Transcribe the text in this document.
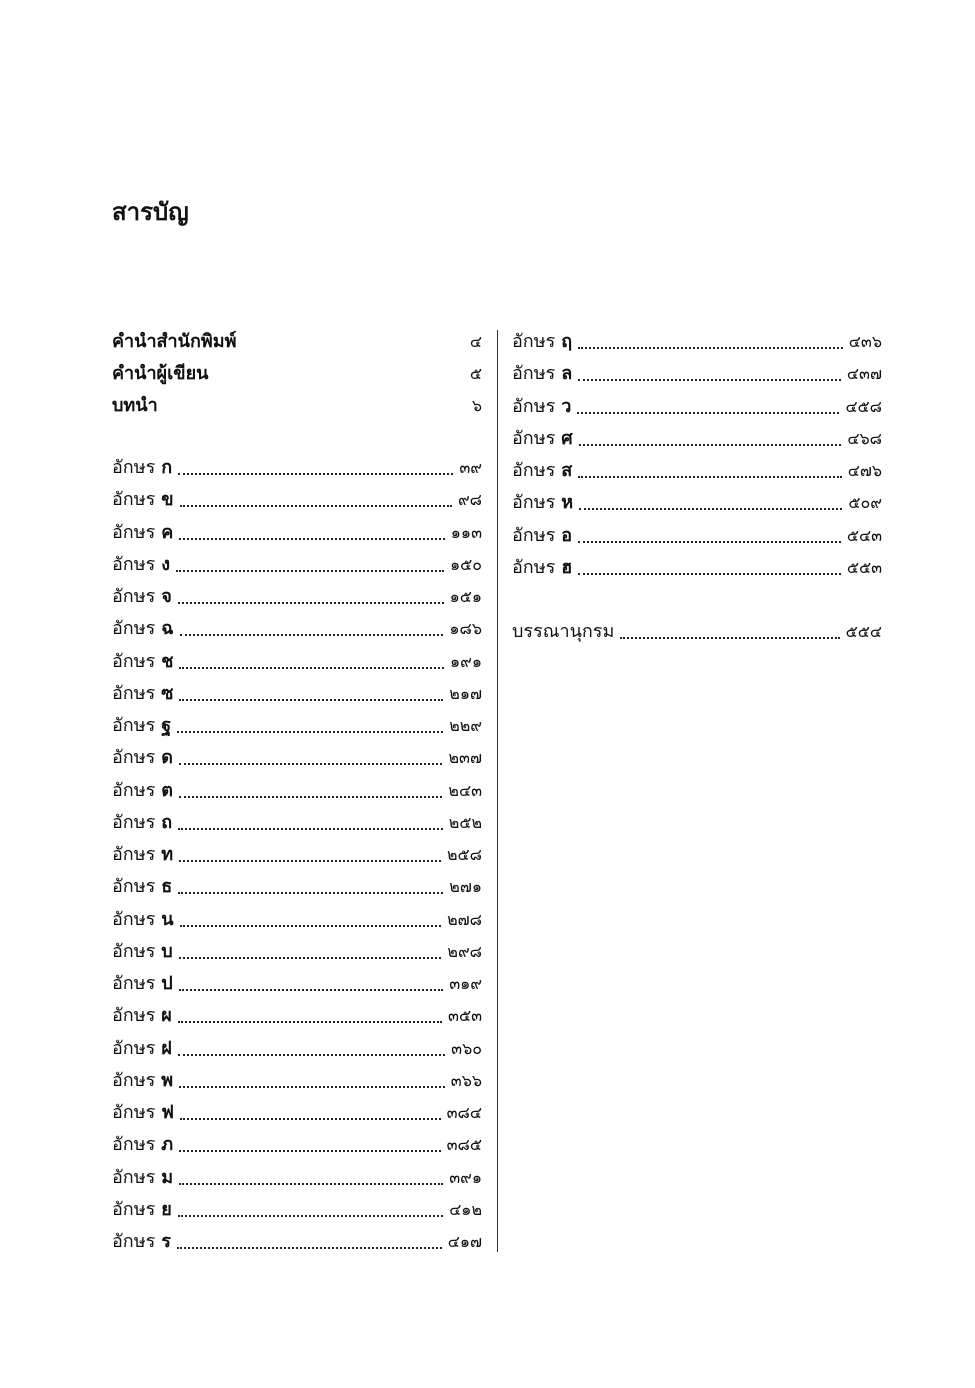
สารบัญ
คำนำสำนักพิมพ์	๔
คำนำผู้เขียน	๕
บทนำ	๖
อักษร ก	๓๙
อักษร ข	๙๘
อักษร ค	๑๑๓
อักษร ง	๑๕๐
อักษร จ	๑๕๑
อักษร ฉ	๑๘๖
อักษร ช	๑๙๑
อักษร ซ	๒๑๗
อักษร ฐ	๒๒๙
อักษร ด	๒๓๗
อักษร ต	๒๔๓
อักษร ถ	๒๕๒
อักษร ท	๒๕๘
อักษร ธ	๒๗๑
อักษร น	๒๗๘
อักษร บ	๒๙๘
อักษร ป	๓๑๙
อักษร ผ	๓๕๓
อักษร ฝ	๓๖๐
อักษร พ	๓๖๖
อักษร ฟ	๓๘๔
อักษร ภ	๓๘๕
อักษร ม	๓๙๑
อักษร ย	๔๑๒
อักษร ร	๔๑๗
อักษร ฤ	๔๓๖
อักษร ล	๔๓๗
อักษร ว	๔๕๘
อักษร ศ	๔๖๘
อักษร ส	๔๗๖
อักษร ห	๕๐๙
อักษร อ	๕๔๓
อักษร ฮ	๕๕๓
บรรณานุกรม	๕๕๔
